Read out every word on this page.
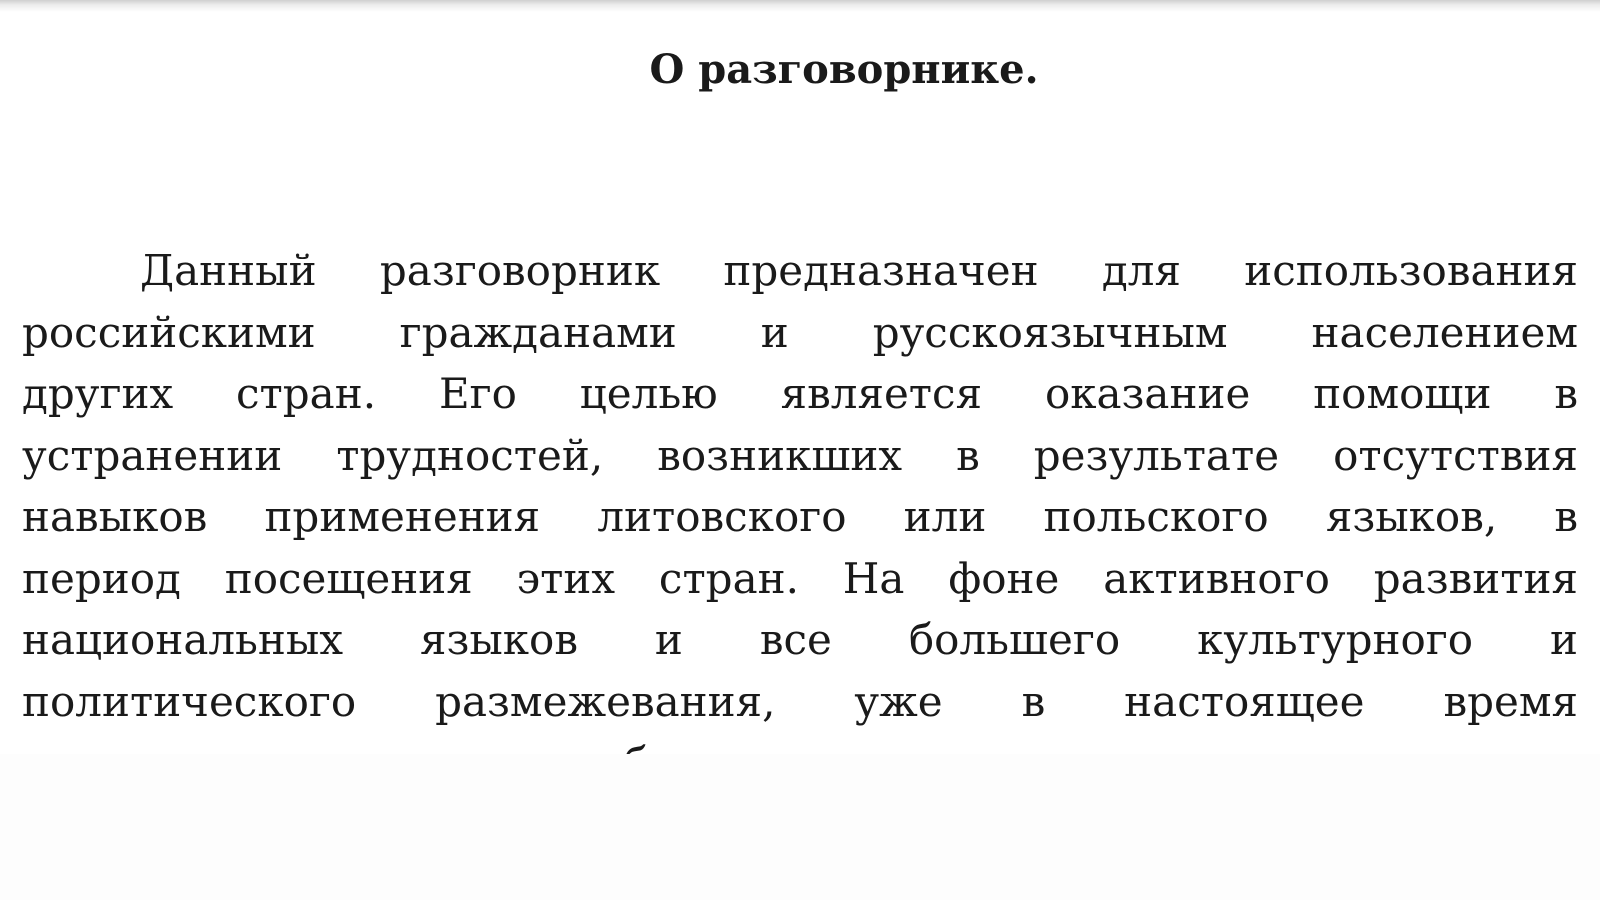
О разговорнике.
Данный разговорник предназначен для использования
российскими гражданами и русскоязычным населением
других стран. Его целью является оказание помощи в
устранении трудностей, возникших в результате отсутствия
навыков применения литовского или польского языков, в
период посещения этих стран. На фоне активного развития
национальных языков и все большего культурного и
политического размежевания, уже в настоящее время
